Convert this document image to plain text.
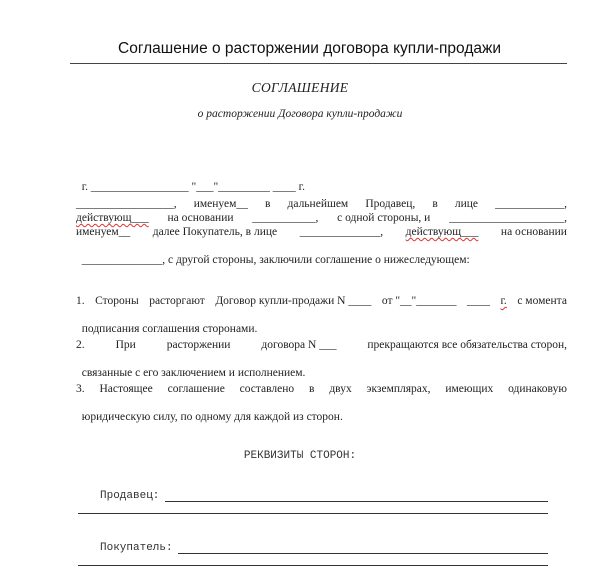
Соглашение о расторжении договора купли-продажи
СОГЛАШЕНИЕ
о расторжении Договора купли-продажи

г. _________________ "___"_________ ____ г.

_________________, именуем__ в дальнейшем Продавец, в лице ____________,
действующ___ на основании ___________, с одной стороны, и ____________________,
именуем__ далее Покупатель, в лице ______________, действующ___ на основании

______________, с другой стороны, заключили соглашение о нижеследующем:

1. Стороны расторгают Договор купли-продажи N ____ от "__"_______ ____ г. с момента

подписания соглашения сторонами.

2.	При	расторжении	договора N ___	прекращаются все обязательства сторон,

связанные с его заключением и исполнением.

3. Настоящее соглашение составлено в двух экземплярах, имеющих одинаковую

юридическую силу, по одному для каждой из сторон.

РЕКВИЗИТЫ СТОРОН:
Продавец:
Покупатель:
